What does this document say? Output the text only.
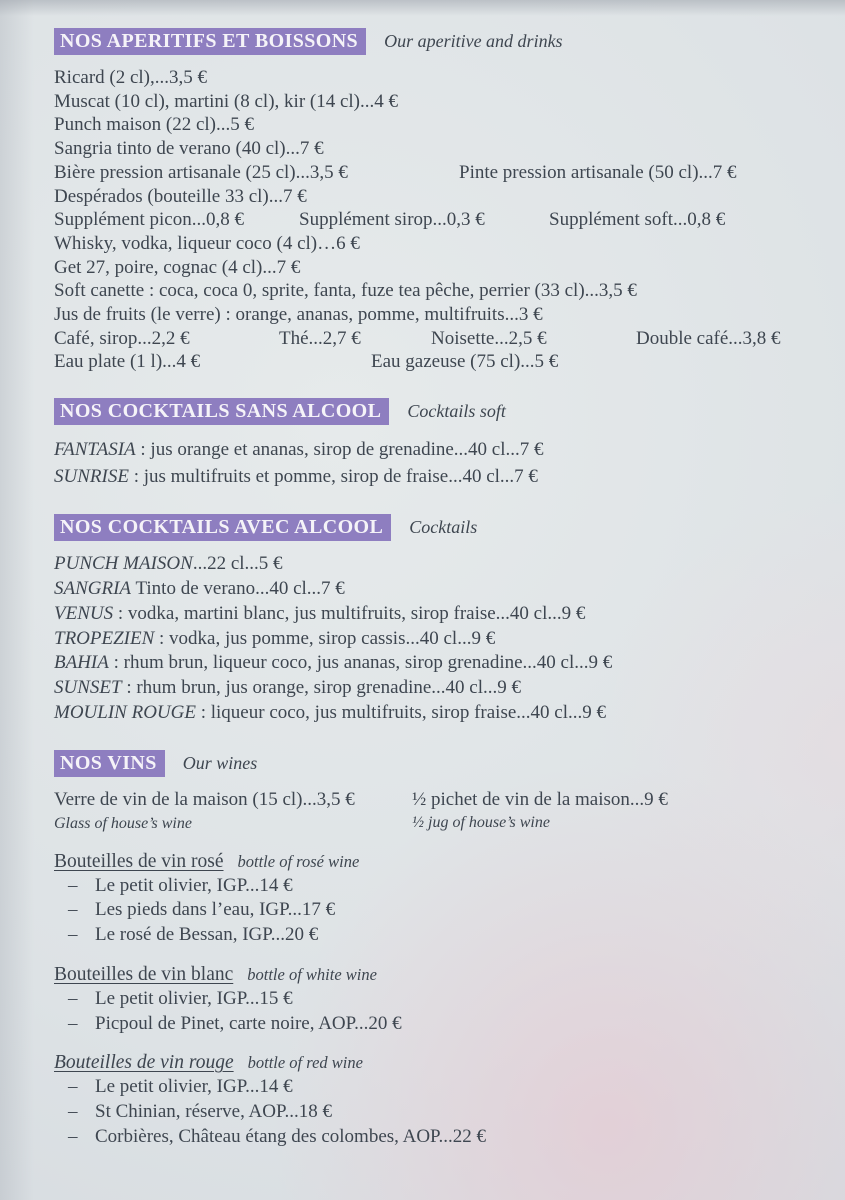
NOS APERITIFS ET BOISSONS Our aperitive and drinks
Ricard (2 cl),...3,5 €
Muscat (10 cl), martini (8 cl), kir (14 cl)...4 €
Punch maison (22 cl)...5 €
Sangria tinto de verano (40 cl)...7 €
Bière pression artisanale (25 cl)...3,5 €	Pinte pression artisanale (50 cl)...7 €
Despérados (bouteille 33 cl)...7 €
Supplément picon...0,8 €	Supplément sirop...0,3 €	Supplément soft...0,8 €
Whisky, vodka, liqueur coco (4 cl)…6 €
Get 27, poire, cognac (4 cl)...7 €
Soft canette : coca, coca 0, sprite, fanta, fuze tea pêche, perrier (33 cl)...3,5 €
Jus de fruits (le verre) : orange, ananas, pomme, multifruits...3 €
Café, sirop...2,2 €	Thé...2,7 €	Noisette...2,5 €	Double café...3,8 €
Eau plate (1 l)...4 €	Eau gazeuse (75 cl)...5 €
NOS COCKTAILS SANS ALCOOL Cocktails soft
FANTASIA : jus orange et ananas, sirop de grenadine...40 cl...7 €
SUNRISE : jus multifruits et pomme, sirop de fraise...40 cl...7 €
NOS COCKTAILS AVEC ALCOOL Cocktails
PUNCH MAISON...22 cl...5 €
SANGRIA Tinto de verano...40 cl...7 €
VENUS : vodka, martini blanc, jus multifruits, sirop fraise...40 cl...9 €
TROPEZIEN : vodka, jus pomme, sirop cassis...40 cl...9 €
BAHIA : rhum brun, liqueur coco, jus ananas, sirop grenadine...40 cl...9 €
SUNSET : rhum brun, jus orange, sirop grenadine...40 cl...9 €
MOULIN ROUGE : liqueur coco, jus multifruits, sirop fraise...40 cl...9 €
NOS VINS Our wines
Verre de vin de la maison (15 cl)...3,5 €	½ pichet de vin de la maison...9 €
Glass of house’s wine	½ jug of house’s wine
Bouteilles de vin rosé bottle of rosé wine
– Le petit olivier, IGP...14 €
– Les pieds dans l’eau, IGP...17 €
– Le rosé de Bessan, IGP...20 €
Bouteilles de vin blanc bottle of white wine
– Le petit olivier, IGP...15 €
– Picpoul de Pinet, carte noire, AOP...20 €
Bouteilles de vin rouge bottle of red wine
– Le petit olivier, IGP...14 €
– St Chinian, réserve, AOP...18 €
– Corbières, Château étang des colombes, AOP...22 €
